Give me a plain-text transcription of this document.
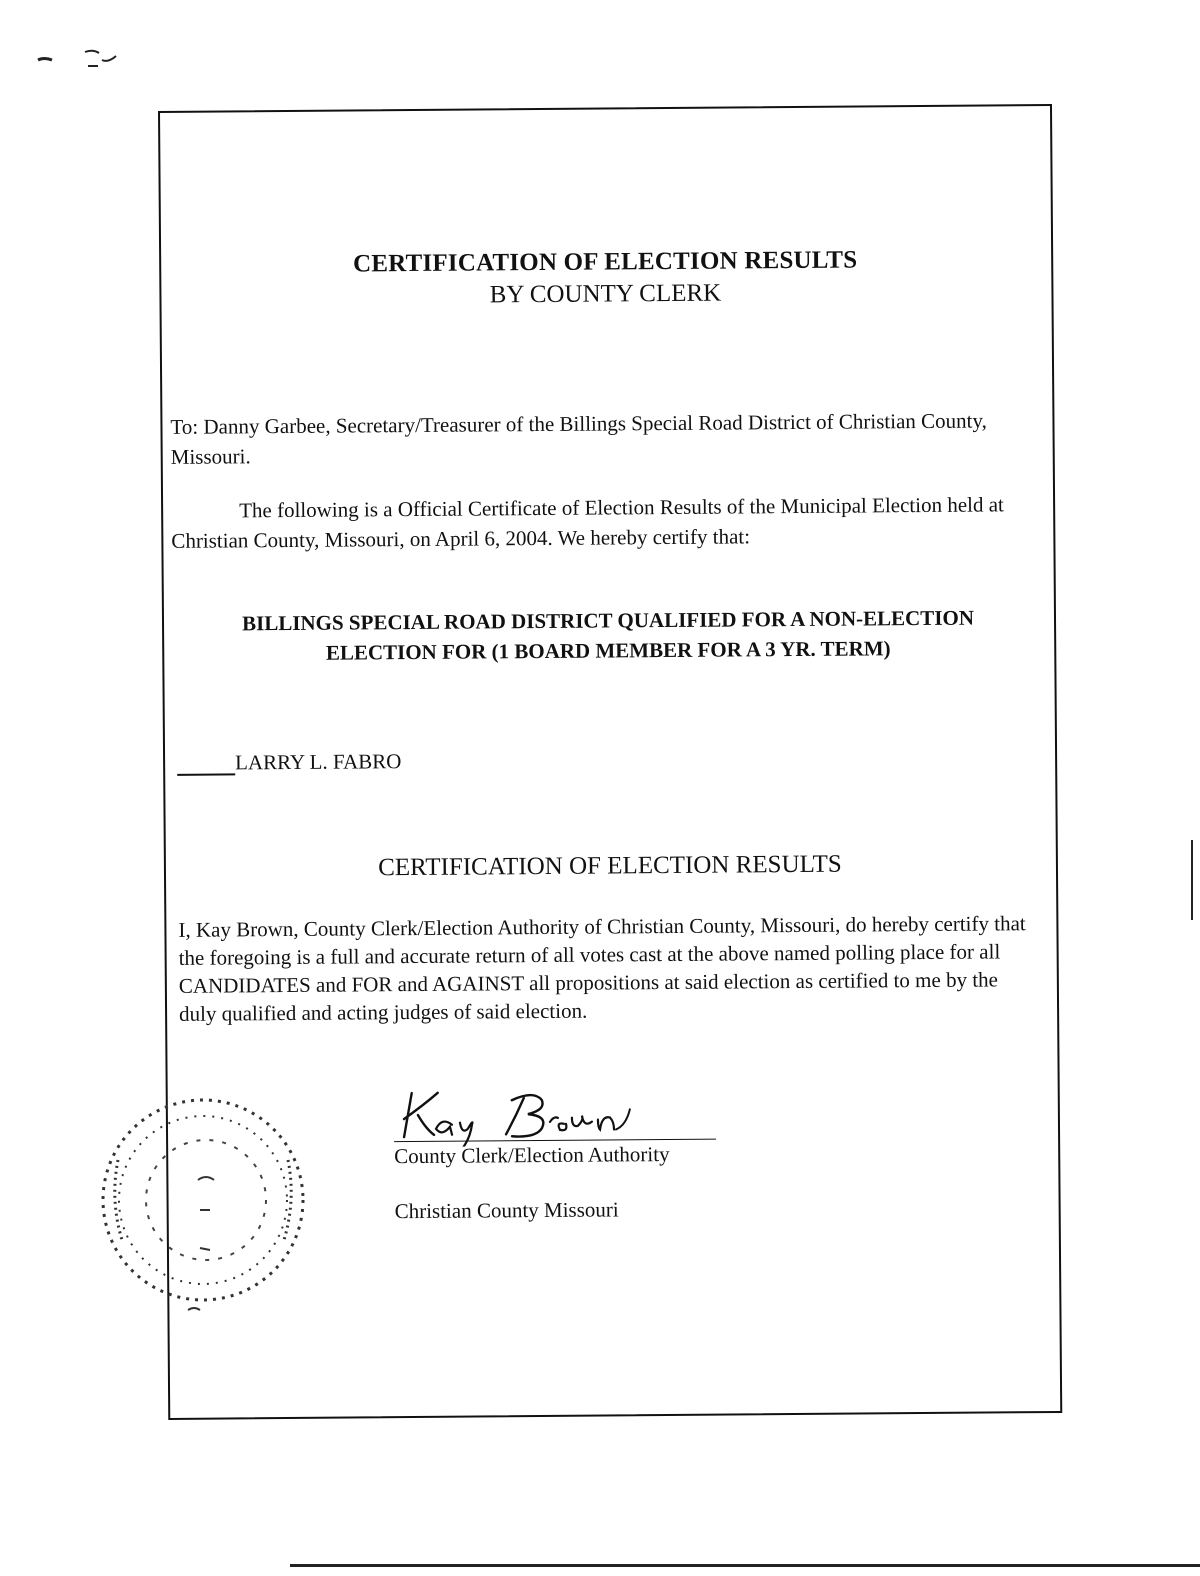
CERTIFICATION OF ELECTION RESULTS
BY COUNTY CLERK
To: Danny Garbee, Secretary/Treasurer of the Billings Special Road District of Christian County, Missouri.
The following is a Official Certificate of Election Results of the Municipal Election held at Christian County, Missouri, on April 6, 2004. We hereby certify that:
BILLINGS SPECIAL ROAD DISTRICT QUALIFIED FOR A NON-ELECTION
ELECTION FOR (1 BOARD MEMBER FOR A 3 YR. TERM)
LARRY L. FABRO
CERTIFICATION OF ELECTION RESULTS
I, Kay Brown, County Clerk/Election Authority of Christian County, Missouri, do hereby certify that the foregoing is a full and accurate return of all votes cast at the above named polling place for all CANDIDATES and FOR and AGAINST all propositions at said election as certified to me by the duly qualified and acting judges of said election.
County Clerk/Election Authority
Christian County Missouri
